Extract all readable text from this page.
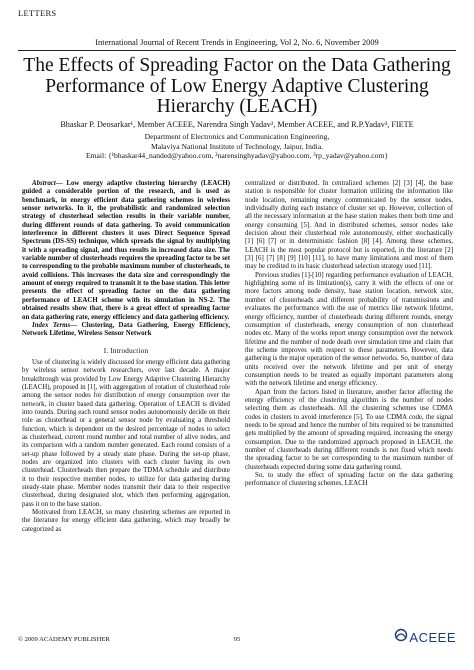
LETTERS
International Journal of Recent Trends in Engineering, Vol 2, No. 6, November 2009
The Effects of Spreading Factor on the Data Gathering Performance of Low Energy Adaptive Clustering Hierarchy (LEACH)
Bhaskar P. Deosarkar¹, Member ACEEE, Narendra Singh Yadav², Member ACEEE, and R.P.Yadav³, FIETE
Department of Electronics and Communication Engineering,
Malaviya National Institute of Technology, Jaipur, India.
Email: {¹bhaskar44_nanded@yahoo.com, ²narensinghyadav@yahoo.com, ³rp_yadav@yahoo.com}

Abstract— Low energy adaptive clustering hierarchy (LEACH) guided a considerable portion of the research, and is used as benchmark, in energy efficient data gathering schemes in wireless sensor networks. In it, the probabilistic and randomized selection strategy of clusterhead selection results in their variable number, during different rounds of data gathering. To avoid communication interference in different clusters it uses Direct Sequence Spread Spectrum (DS-SS) technique, which spreads the signal by multiplying it with a spreading signal, and thus results in increased data size. The variable number of clusterheads requires the spreading factor to be set to corresponding to the probable maximum number of clusterheads, to avoid collisions. This increases the data size and correspondingly the amount of energy required to transmit it to the base station. This letter presents the effect of spreading factor on the data gathering performance of LEACH scheme with its simulation in NS-2. The obtained results show that, there is a great effect of spreading factor on data gathering rate, energy efficiency and data gathering efficiency.

Index Terms— Clustering, Data Gathering, Energy Efficiency, Network Lifetime, Wireless Sensor Network

I. Introduction

Use of clustering is widely discussed for energy efficient data gathering by wireless sensor network researchers, over last decade. A major breakthrough was provided by Low Energy Adaptive Clustering Hierarchy (LEACH), proposed in [1], with aggregation of rotation of clusterhead role among the sensor nodes for distribution of energy consumption over the network, in cluster based data gathering. Operation of LEACH is divided into rounds. During each round sensor nodes autonomously decide on their role as clusterhead or a general sensor node by evaluating a threshold function, which is dependent on the desired percentage of nodes to select as clusterhead, current round number and total number of alive nodes, and its comparison with a random number generated. Each round consists of a set-up phase followed by a steady state phase. During the set-up phase, nodes are organized into clusters with each cluster having its own clusterhead. Clusterheads then prepare the TDMA schedule and distribute it to their respective member nodes, to utilize for data gathering during steady-state phase. Member nodes transmit their data to their respective clusterhead, during designated slot, which then performing aggregation, pass it on to the base station.

Motivated from LEACH, so many clustering schemes are reported in the literature for energy efficient data gathering, which may broadly be categorized as

centralized or distributed. In centralized schemes [2] [3] [4], the base station is responsible for cluster formation utilizing the information like node location, remaining energy communicated by the sensor nodes, individually during each instance of cluster set up. However, collection of all the necessary information at the base station makes them both time and energy consuming [5]. And in distributed schemes, sensor nodes take decision about their clusterhead role autonomously, either stochastically [1] [6] [7] or in deterministic fashion [8] [4]. Among these schemes, LEACH is the most popular protocol but is reported, in the literature [2] [3] [6] [7] [8] [9] [10] [11], to have many limitations and most of them may be credited to its basic clusterhead selection strategy used [11].

Previous studies [1]-[10] regarding performance evaluation of LEACH, highlighting some of its limitation(s), carry it with the effects of one or more factors among node density, base station location, network size, number of clusterheads and different probability of transmissions and evaluates the performance with the use of metrics like network lifetime, energy efficiency, number of clusterheads during different rounds, energy consumption of clusterheads, energy consumption of non clusterhead nodes etc. Many of the works report energy consumption over the network lifetime and the number of node death over simulation time and claim that the scheme improves with respect to these parameters. However, data gathering is the major operation of the sensor networks. So, number of data units received over the network lifetime and per unit of energy consumption needs to be treated as equally important parameters along with the network lifetime and energy efficiency.

Apart from the factors listed in literature, another factor affecting the energy efficiency of the clustering algorithm is the number of nodes selecting them as clusterheads. All the clustering schemes use CDMA codes in clusters to avoid interference [5]. To use CDMA code, the signal needs to be spread and hence the number of bits required to be transmitted gets multiplied by the amount of spreading required, increasing the energy consumption. Due to the randomized approach proposed in LEACH, the number of clusterheads during different rounds is not fixed which needs the spreading factor to be set corresponding to the maximum number of clusterheads expected during some data gathering round.

So, to study the effect of spreading factor on the data gathering performance of clustering schemes, LEACH

© 2009 ACADEMY PUBLISHER	95	ACEEE
